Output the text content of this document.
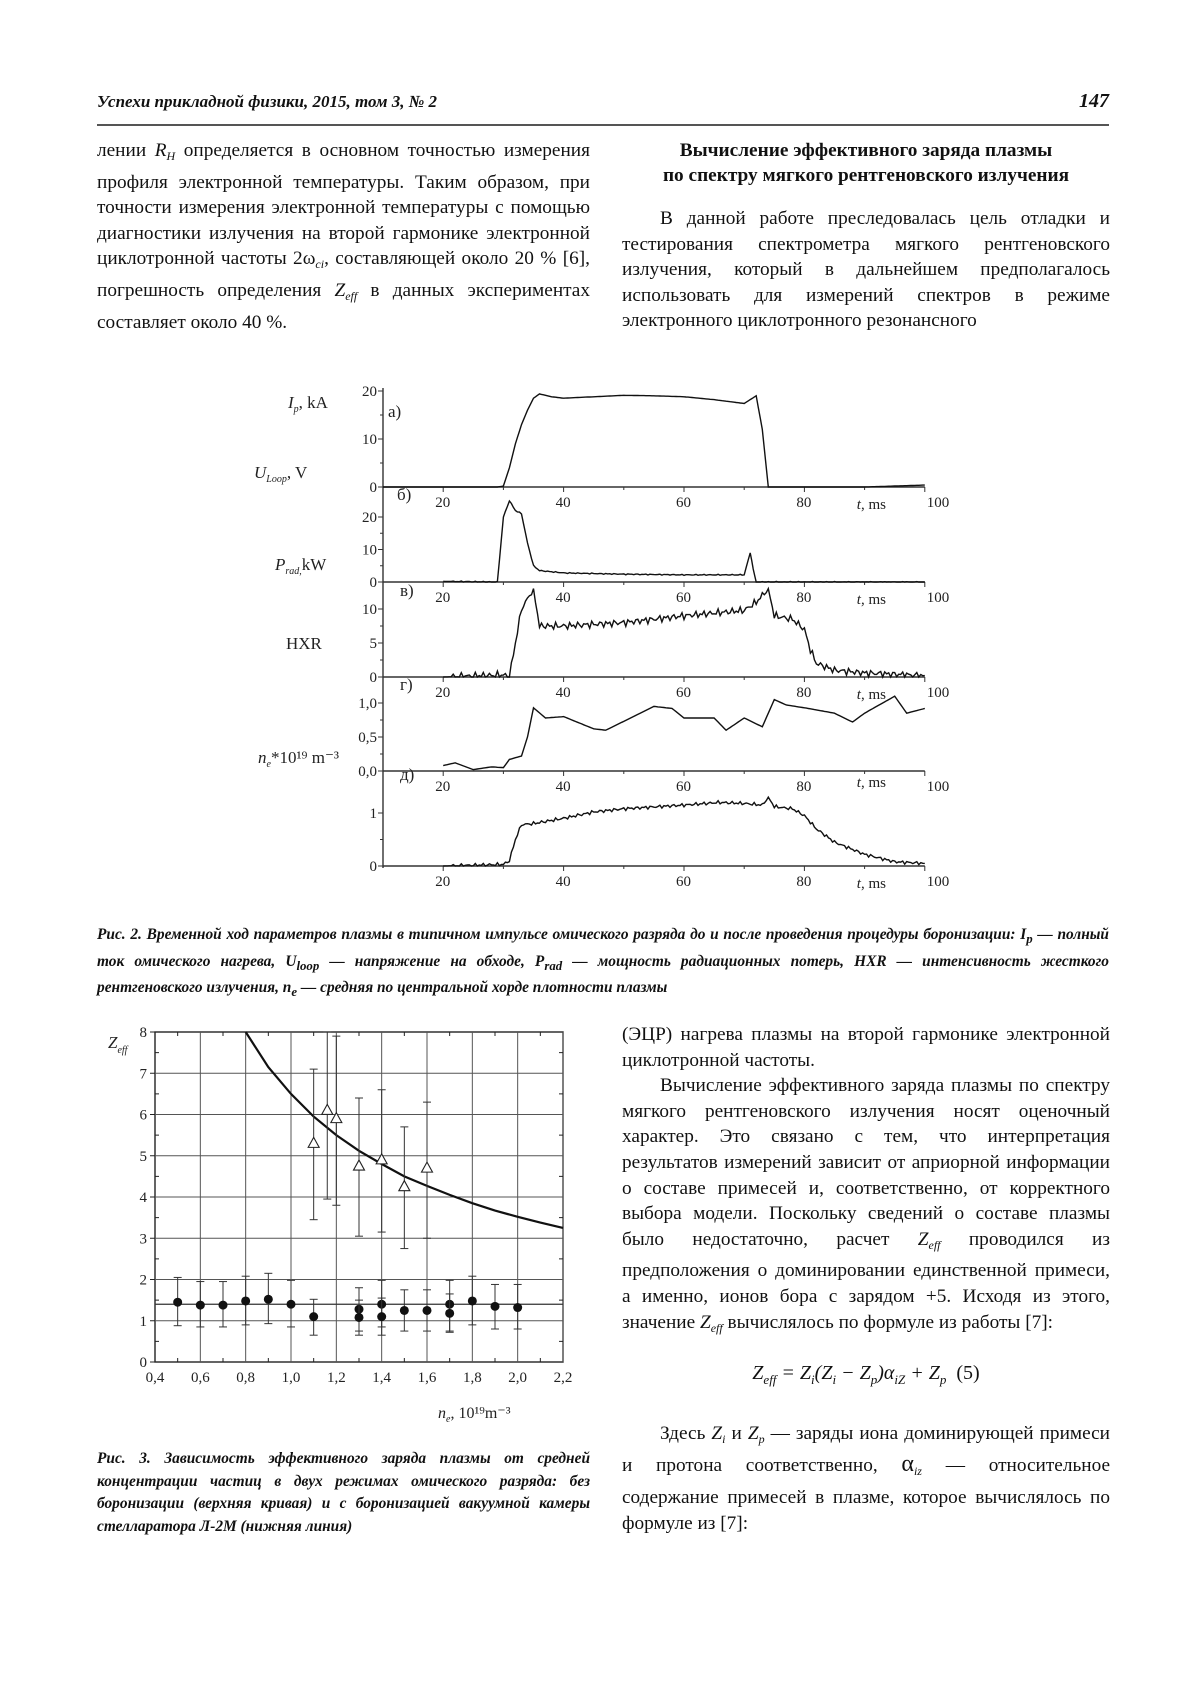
Успехи прикладной физики, 2015, том 3, № 2	147

лении $R_H$ определяется в основном точностью измерения профиля электронной температуры. Таким образом, при точности измерения электронной температуры с помощью диагностики излучения на второй гармонике электронной циклотронной частоты $2\omega_{ci}$, составляющей около 20 % [6], погрешность определения $Z_{eff}$ в данных экспериментах составляет около 40 %.

Вычисление эффективного заряда плазмы
по спектру мягкого рентгеновского излучения

В данной работе преследовалась цель отладки и тестирования спектрометра мягкого рентгеновского излучения, который в дальнейшем предполагалось использовать для измерений спектров в режиме электронного циклотронного резонансного

20	40	60	80	100
t, ms
0
10
20
а)
$I_p$, kA
20	40	60	80	100
t, ms
0
10
20
б)
$U_{Loop}$, V
20	40	60	80	100
t, ms
0
5
10
в)
$P_{rad,}kW$
20	40	60	80	100
t, ms
0,0
0,5
1,0
г)
HXR
20	40	60	80	100
t, ms
0
1
д)
$n_e*10^{19}$ m⁻³
Рис. 2. Временной ход параметров плазмы в типичном импульсе омического разряда до и после проведения процедуры боронизации: $I_p$ — полный ток омического нагрева, $U_{loop}$ — напряжение на обходе, $P_{rad}$ — мощность радиационных потерь, HXR — интенсивность жесткого рентгеновского излучения, $n_e$ — средняя по центральной хорде плотности плазмы
0
1
2
3
4
5
6
7
8
0,4 0,6 0,8 1,0 1,2 1,4 1,6 1,8 2,0 2,2
$Z_{eff}$
$n_e$, 10¹⁹m⁻³
Рис. 3. Зависимость эффективного заряда плазмы от средней концентрации частиц в двух режимах омического разряда: без боронизации (верхняя кривая) и с боронизацией вакуумной камеры стелларатора Л-2М (нижняя линия)

(ЭЦР) нагрева плазмы на второй гармонике электронной циклотронной частоты.

Вычисление эффективного заряда плазмы по спектру мягкого рентгеновского излучения носят оценочный характер. Это связано с тем, что интерпретация результатов измерений зависит от априорной информации о составе примесей и, соответственно, от корректного выбора модели. Поскольку сведений о составе плазмы было недостаточно, расчет $Z_{eff}$ проводился из предположения о доминировании единственной примеси, а именно, ионов бора с зарядом +5. Исходя из этого, значение $Z_{eff}$ вычислялось по формуле из работы [7]:

$Z_{eff} = Z_i(Z_i - Z_p)\alpha_{iZ} + Z_p$ (5)

Здесь $Z_i$ и $Z_p$ — заряды иона доминирующей примеси и протона соответственно, $\alpha_{iz}$ — относительное содержание примесей в плазме, которое вычислялось по формуле из [7]:
